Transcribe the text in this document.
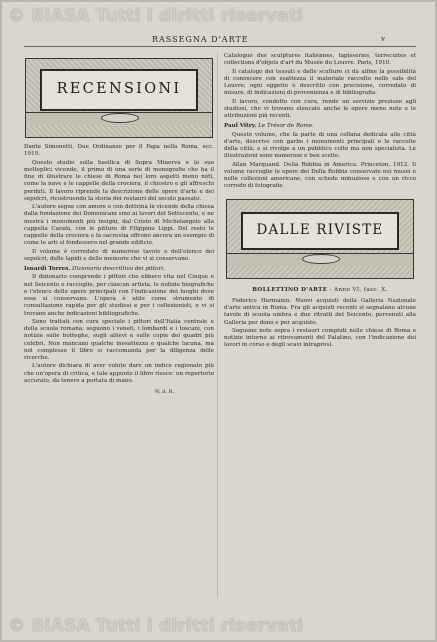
© BiASA Tutti i diritti riservati
RASSEGNA D'ARTE	v
RECENSIONI

Dante Simonetti. Due Ordinanze per il Papa nella Roma, ecc. 1910.

Questo studio sulla basilica di Sopra Minerva e le sue molteplici vicende, il primo di una serie di monografie che ha il fine di illustrare le chiese di Roma nei loro aspetti meno noti, come la nave e le cappelle della crociera, il chiostro e gli affreschi perduti. Il lavoro riprende la descrizione delle opere d'arte e dei sepolcri, ricostruendo la storia dei restauri del secolo passato.

L'autore segue con amore e con dottrina le vicende della chiesa dalla fondazione dei Domenicani sino ai lavori del Settecento, e ne mostra i monumenti più insigni, dal Cristo di Michelangelo alla cappella Carafa, con le pitture di Filippino Lippi. Del resto le cappelle della crociera e la sacrestia offrono ancora un esempio di come le arti si fondessero nel grande edificio.

Il volume è corredato di numerose tavole e dell'elenco dei sepolcri, delle lapidi e delle memorie che vi si conservano.

Isnardi Torres. Dizionario descrittivo dei pittori.

Il dizionario comprende i pittori che ebbero vita nel Cinque e nel Seicento e raccoglie, per ciascun artista, le notizie biografiche e l'elenco delle opere principali con l'indicazione dei luoghi dove esse si conservano. L'opera è utile come strumento di consultazione rapida per gli studiosi e per i collezionisti, e vi si trovano anche indicazioni bibliografiche.

Sono trattati con cura speciale i pittori dell'Italia centrale e della scuola romana; seguono i veneti, i lombardi e i toscani, con notizie sulle botteghe, sugli allievi e sulle copie dei quadri più celebri. Non mancano qualche inesattezza e qualche lacuna, ma nel complesso il libro si raccomanda per la diligenza delle ricerche.

L'autore dichiara di aver voluto dare un indice ragionato più che un'opera di critica, e tale appunto il libro riesce: un repertorio accurato, da tenere a portata di mano.

N. d. R.

Catalogue des sculptures italiennes, tapisseries, terrecuites et collections d'objets d'art du Musée du Louvre. Paris, 1910.

Il catalogo dei tessuti e delle sculture ci dà alfine la possibilità di conoscere con esattezza il materiale raccolto nelle sale del Louvre; ogni oggetto è descritto con precisione, corredato di misure, di indicazioni di provenienza e di bibliografia.

Il lavoro, condotto con cura, rende un servizio prezioso agli studiosi, che vi trovano elencate anche le opere meno note e le attribuzioni più recenti.

Paul Vitry. Le Trésor de Rome.

Questo volume, che fa parte di una collana dedicata alle città d'arte, descrive con garbo i monumenti principali e le raccolte della città, e si rivolge a un pubblico colto ma non specialista. Le illustrazioni sono numerose e ben scelte.

Allan Marquand. Della Robbia in America. Princeton, 1912. Il volume raccoglie le opere dei Della Robbia conservate nei musei e nelle collezioni americane, con schede minuziose e con un ricco corredo di fotografie.

DALLE RIVISTE
BOLLETTINO D'ARTE - Anno VI, fasc. X.

Federico Hermanin. Nuovi acquisti della Galleria Nazionale d'arte antica in Roma. Fra gli acquisti recenti si segnalano alcune tavole di scuola umbra e due ritratti del Seicento, pervenuti alla Galleria per dono e per acquisto.

Seguono note sopra i restauri compiuti nelle chiese di Roma e notizie intorno ai ritrovamenti del Palatino, con l'indicazione dei lavori in corso e degli scavi intrapresi.

© BiASA Tutti i diritti riservati
